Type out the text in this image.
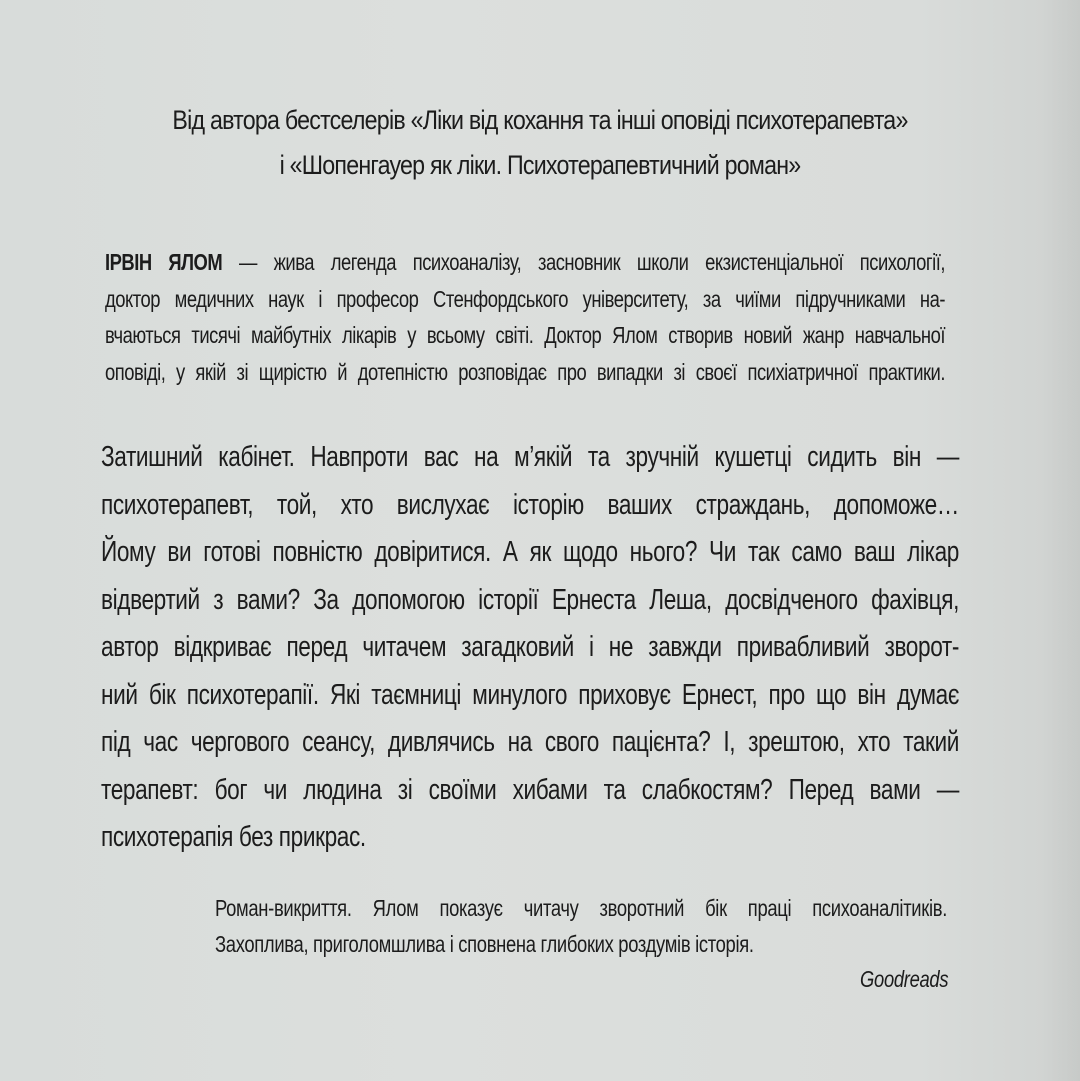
Від автора бестселерів «Ліки від кохання та інші оповіді психотерапевта»
і «Шопенгауер як ліки. Психотерапевтичний роман»
ІРВІН ЯЛОМ — жива легенда психоаналізу, засновник школи екзистенціальної психології,
доктор медичних наук і професор Стенфордського університету, за чиїми підручниками на-
вчаються тисячі майбутніх лікарів у всьому світі. Доктор Ялом створив новий жанр навчальної
оповіді, у якій зі щирістю й дотепністю розповідає про випадки зі своєї психіатричної практики.
Затишний кабінет. Навпроти вас на м’якій та зручній кушетці сидить він —
психотерапевт, той, хто вислухає історію ваших страждань, допоможе…
Йому ви готові повністю довіритися. А як щодо нього? Чи так само ваш лікар
відвертий з вами? За допомогою історії Ернеста Леша, досвідченого фахівця,
автор відкриває перед читачем загадковий і не завжди привабливий зворот-
ний бік психотерапії. Які таємниці минулого приховує Ернест, про що він думає
під час чергового сеансу, дивлячись на свого пацієнта? І, зрештою, хто такий
терапевт: бог чи людина зі своїми хибами та слабкостям? Перед вами —
психотерапія без прикрас.
Роман-викриття. Ялом показує читачу зворотний бік праці психоаналітиків.
Захоплива, приголомшлива і сповнена глибоких роздумів історія.
Goodreads
